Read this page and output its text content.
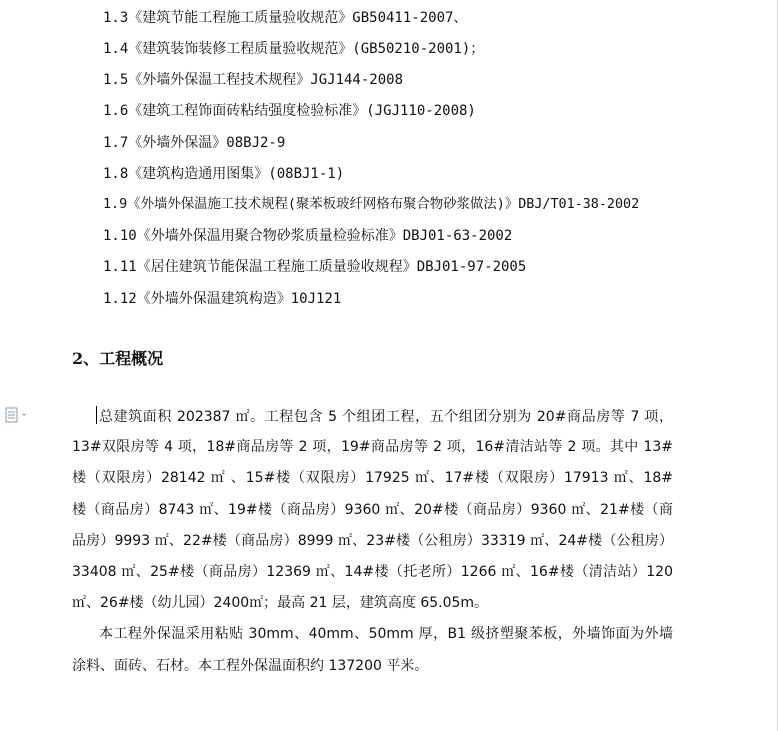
1.3《建筑节能工程施工质量验收规范》GB50411-2007、
1.4《建筑装饰装修工程质量验收规范》(GB50210-2001)；
1.5《外墙外保温工程技术规程》JGJ144-2008
1.6《建筑工程饰面砖粘结强度检验标准》(JGJ110-2008)
1.7《外墙外保温》08BJ2-9
1.8《建筑构造通用图集》(08BJ1-1)
1.9《外墙外保温施工技术规程(聚苯板玻纤网格布聚合物砂浆做法)》DBJ/T01-38-2002
1.10《外墙外保温用聚合物砂浆质量检验标准》DBJ01-63-2002
1.11《居住建筑节能保温工程施工质量验收规程》DBJ01-97-2005
1.12《外墙外保温建筑构造》10J121
2、工程概况
总建筑面积 202387 ㎡。工程包含 5 个组团工程，五个组团分别为 20#商品房等 7 项，
13#双限房等 4 项，18#商品房等 2 项，19#商品房等 2 项，16#清洁站等 2 项。其中 13#
楼（双限房）28142 ㎡ 、15#楼（双限房）17925 ㎡、17#楼（双限房）17913 ㎡、18#
楼（商品房）8743 ㎡、19#楼（商品房）9360 ㎡、20#楼（商品房）9360 ㎡、21#楼（商
品房）9993 ㎡、22#楼（商品房）8999 ㎡、23#楼（公租房）33319 ㎡、24#楼（公租房）
33408 ㎡、25#楼（商品房）12369 ㎡、14#楼（托老所）1266 ㎡、16#楼（清洁站）120
㎡、26#楼（幼儿园）2400㎡；最高 21 层，建筑高度 65.05m。
本工程外保温采用粘贴 30mm、40mm、50mm 厚，B1 级挤塑聚苯板，外墙饰面为外墙
涂料、面砖、石材。本工程外保温面积约 137200 平米。
